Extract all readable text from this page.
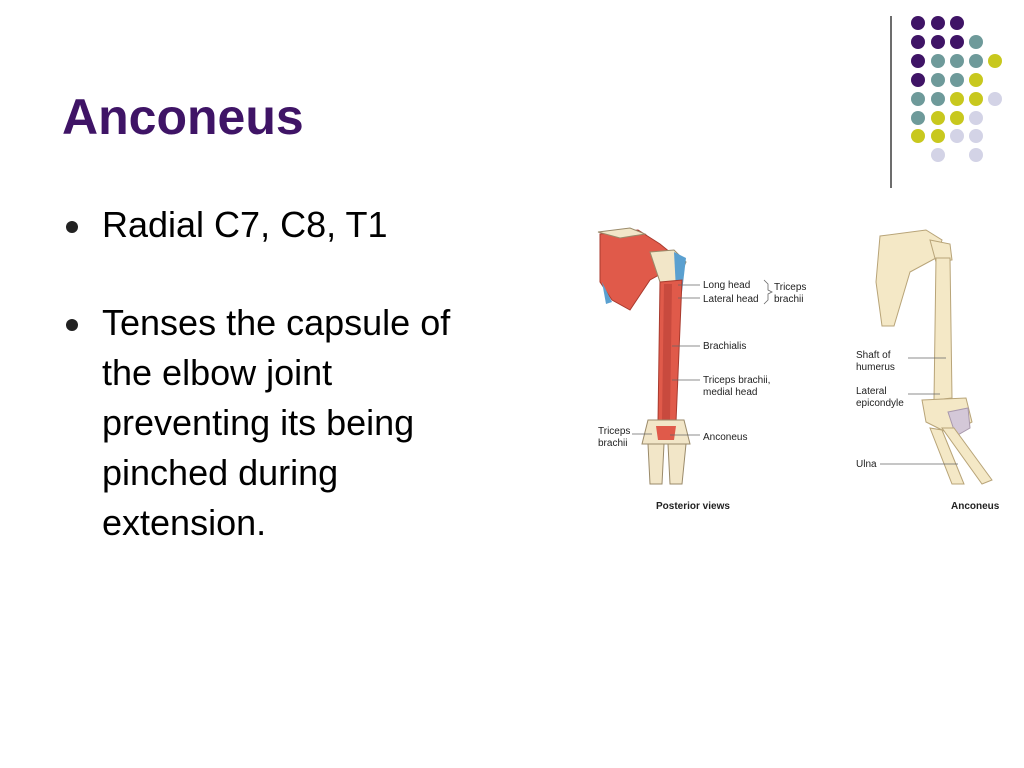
Anconeus
Radial C7, C8, T1
Tenses the capsule of the elbow joint preventing its being pinched during extension.
Long head
Lateral head
Triceps
brachii
Brachialis
Triceps brachii,
medial head
Anconeus
Triceps
brachii
Posterior views
Shaft of
humerus
Lateral
epicondyle
Ulna
Anconeus
